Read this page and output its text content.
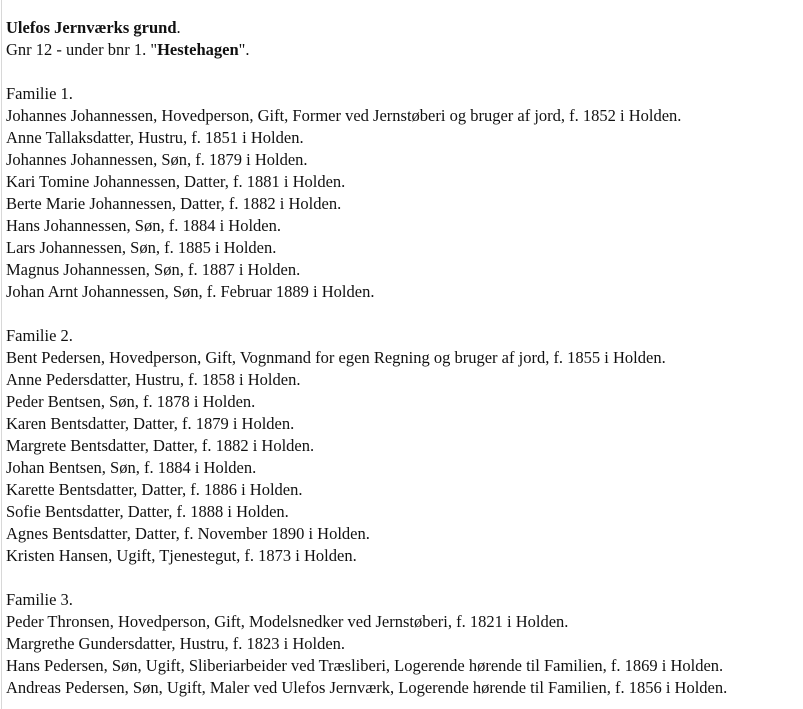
Ulefos Jernværks grund.
Gnr 12 - under bnr 1. "Hestehagen".
Familie 1.
Johannes Johannessen, Hovedperson, Gift, Former ved Jernstøberi og bruger af jord, f. 1852 i Holden.
Anne Tallaksdatter, Hustru, f. 1851 i Holden.
Johannes Johannessen, Søn, f. 1879 i Holden.
Kari Tomine Johannessen, Datter, f. 1881 i Holden.
Berte Marie Johannessen, Datter, f. 1882 i Holden.
Hans Johannessen, Søn, f. 1884 i Holden.
Lars Johannessen, Søn, f. 1885 i Holden.
Magnus Johannessen, Søn, f. 1887 i Holden.
Johan Arnt Johannessen, Søn, f. Februar 1889 i Holden.
Familie 2.
Bent Pedersen, Hovedperson, Gift, Vognmand for egen Regning og bruger af jord, f. 1855 i Holden.
Anne Pedersdatter, Hustru, f. 1858 i Holden.
Peder Bentsen, Søn, f. 1878 i Holden.
Karen Bentsdatter, Datter, f. 1879 i Holden.
Margrete Bentsdatter, Datter, f. 1882 i Holden.
Johan Bentsen, Søn, f. 1884 i Holden.
Karette Bentsdatter, Datter, f. 1886 i Holden.
Sofie Bentsdatter, Datter, f. 1888 i Holden.
Agnes Bentsdatter, Datter, f. November 1890 i Holden.
Kristen Hansen, Ugift, Tjenestegut, f. 1873 i Holden.
Familie 3.
Peder Thronsen, Hovedperson, Gift, Modelsnedker ved Jernstøberi, f. 1821 i Holden.
Margrethe Gundersdatter, Hustru, f. 1823 i Holden.
Hans Pedersen, Søn, Ugift, Sliberiarbeider ved Træsliberi, Logerende hørende til Familien, f. 1869 i Holden.
Andreas Pedersen, Søn, Ugift, Maler ved Ulefos Jernværk, Logerende hørende til Familien, f. 1856 i Holden.
